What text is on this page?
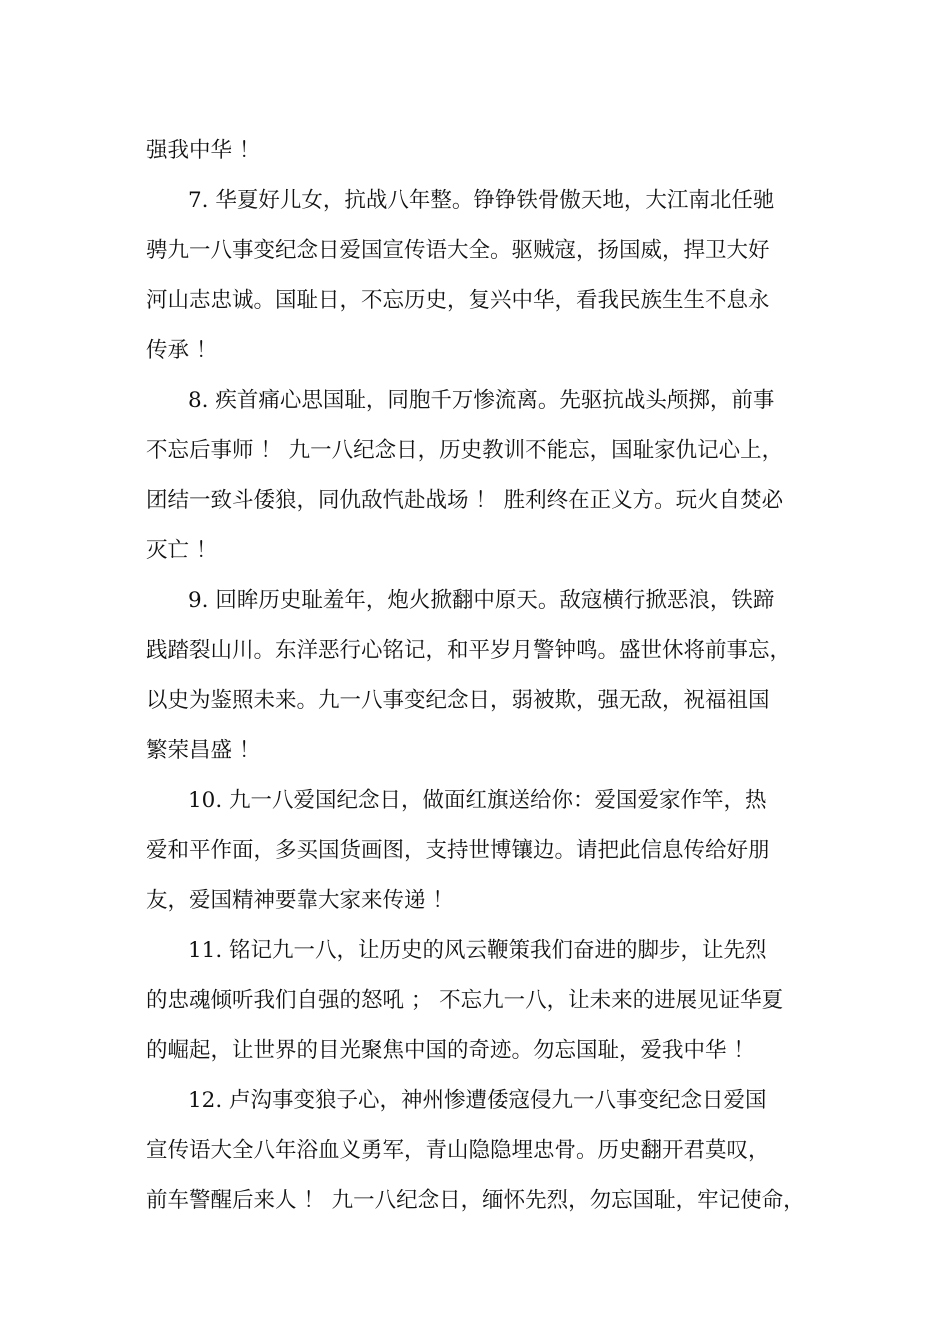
强我中华 ！
7. 华夏好儿女，抗战八年整。铮铮铁骨傲天地，大江南北任驰
骋九一八事变纪念日爱国宣传语大全。驱贼寇，扬国威，捍卫大好
河山志忠诚。国耻日，不忘历史，复兴中华，看我民族生生不息永
传承 ！
8. 疾首痛心思国耻，同胞千万惨流离。先驱抗战头颅掷，前事
不忘后事师 ！ 九一八纪念日，历史教训不能忘，国耻家仇记心上，
团结一致斗倭狼，同仇敌忾赴战场 ！ 胜利终在正义方。玩火自焚必
灭亡 ！
9. 回眸历史耻羞年，炮火掀翻中原天。敌寇横行掀恶浪，铁蹄
践踏裂山川。东洋恶行心铭记，和平岁月警钟鸣。盛世休将前事忘，
以史为鉴照未来。九一八事变纪念日，弱被欺，强无敌，祝福祖国
繁荣昌盛 ！
10. 九一八爱国纪念日，做面红旗送给你：爱国爱家作竿，热
爱和平作面，多买国货画图，支持世博镶边。请把此信息传给好朋
友，爱国精神要靠大家来传递 ！
11. 铭记九一八，让历史的风云鞭策我们奋进的脚步，让先烈
的忠魂倾听我们自强的怒吼 ； 不忘九一八，让未来的进展见证华夏
的崛起，让世界的目光聚焦中国的奇迹。勿忘国耻，爱我中华 ！
12. 卢沟事变狼子心，神州惨遭倭寇侵九一八事变纪念日爱国
宣传语大全八年浴血义勇军，青山隐隐埋忠骨。历史翻开君莫叹，
前车警醒后来人 ！ 九一八纪念日，缅怀先烈，勿忘国耻，牢记使命，
